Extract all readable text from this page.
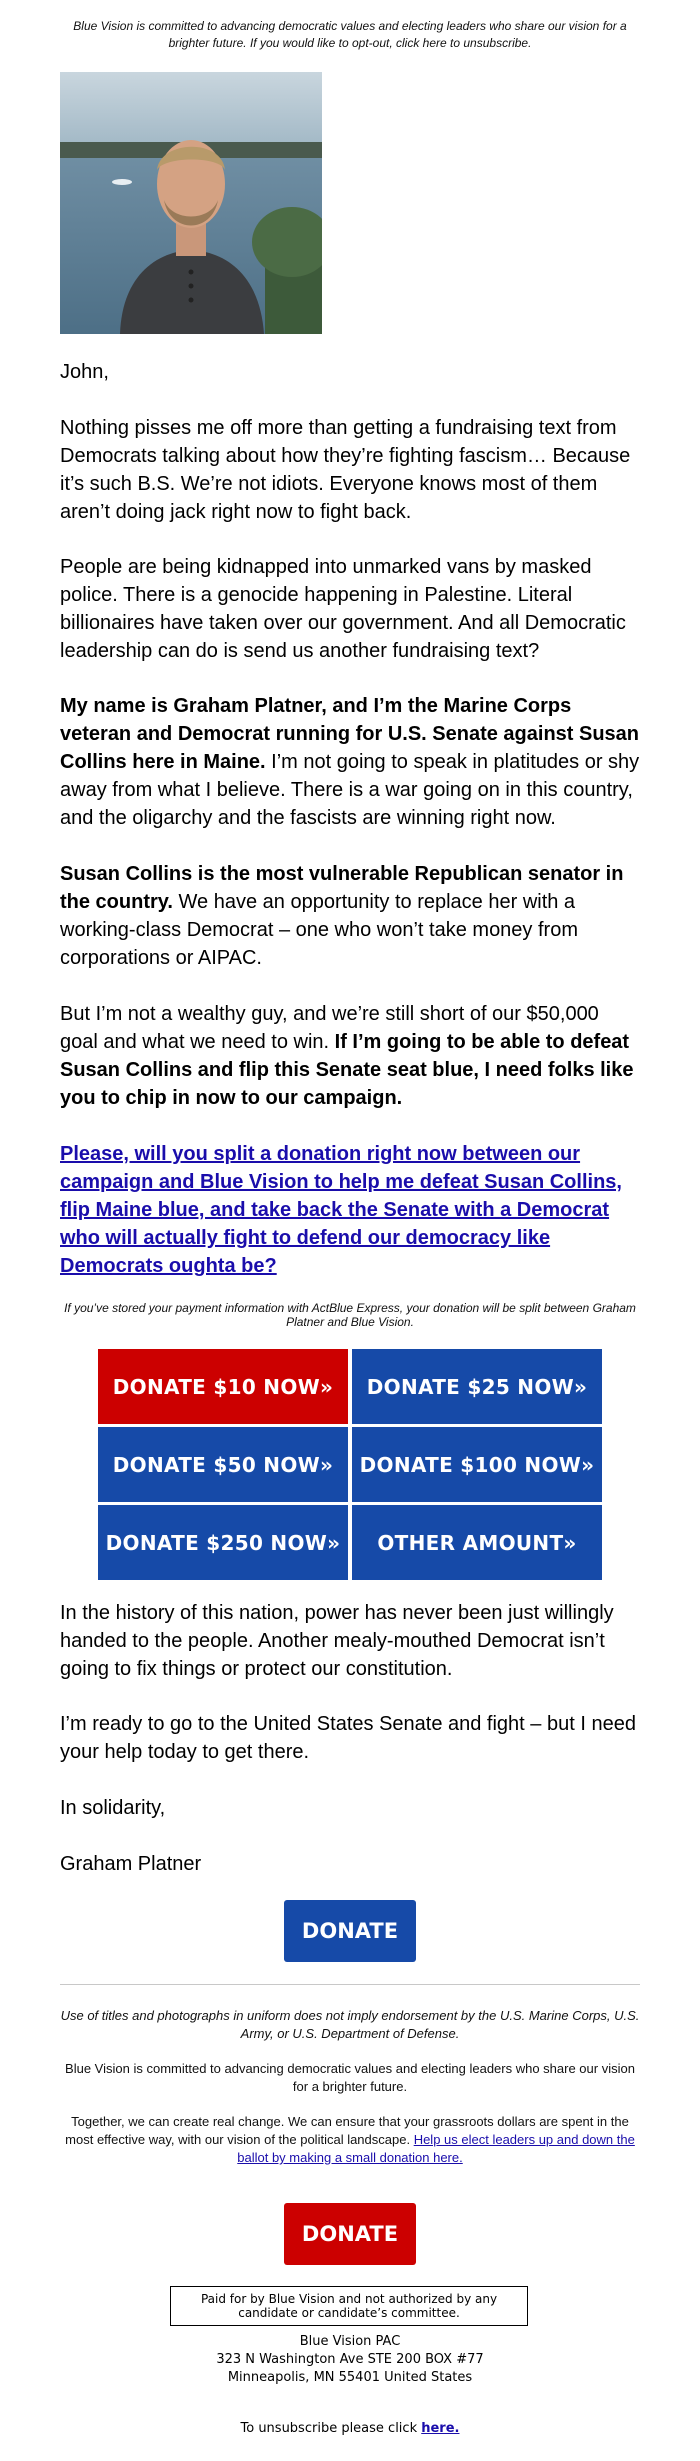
Blue Vision is committed to advancing democratic values and electing leaders who share our vision for a brighter future. If you would like to opt-out, click here to unsubscribe.

John,

Nothing pisses me off more than getting a fundraising text from Democrats talking about how they’re fighting fascism… Because it’s such B.S. We’re not idiots. Everyone knows most of them aren’t doing jack right now to fight back.

People are being kidnapped into unmarked vans by masked police. There is a genocide happening in Palestine. Literal billionaires have taken over our government. And all Democratic leadership can do is send us another fundraising text?

My name is Graham Platner, and I’m the Marine Corps veteran and Democrat running for U.S. Senate against Susan Collins here in Maine. I’m not going to speak in platitudes or shy away from what I believe. There is a war going on in this country, and the oligarchy and the fascists are winning right now.

Susan Collins is the most vulnerable Republican senator in the country. We have an opportunity to replace her with a working-class Democrat – one who won’t take money from corporations or AIPAC.

But I’m not a wealthy guy, and we’re still short of our $50,000 goal and what we need to win. If I’m going to be able to defeat Susan Collins and flip this Senate seat blue, I need folks like you to chip in now to our campaign.

Please, will you split a donation right now between our campaign and Blue Vision to help me defeat Susan Collins, flip Maine blue, and take back the Senate with a Democrat who will actually fight to defend our democracy like Democrats oughta be?
If you’ve stored your payment information with ActBlue Express, your donation will be split between Graham Platner and Blue Vision.
DONATE $10 NOW»	DONATE $25 NOW»
DONATE $50 NOW»	DONATE $100 NOW»
DONATE $250 NOW»	OTHER AMOUNT»

In the history of this nation, power has never been just willingly handed to the people. Another mealy-mouthed Democrat isn’t going to fix things or protect our constitution.

I’m ready to go to the United States Senate and fight – but I need your help today to get there.

In solidarity,

Graham Platner

DONATE
Use of titles and photographs in uniform does not imply endorsement by the U.S. Marine Corps, U.S. Army, or U.S. Department of Defense.
Blue Vision is committed to advancing democratic values and electing leaders who share our vision for a brighter future.
Together, we can create real change. We can ensure that your grassroots dollars are spent in the most effective way, with our vision of the political landscape. Help us elect leaders up and down the ballot by making a small donation here.
DONATE
Paid for by Blue Vision and not authorized by any candidate or candidate’s committee.
Blue Vision PAC
323 N Washington Ave STE 200 BOX #77
Minneapolis, MN 55401 United States
To unsubscribe please click here.
